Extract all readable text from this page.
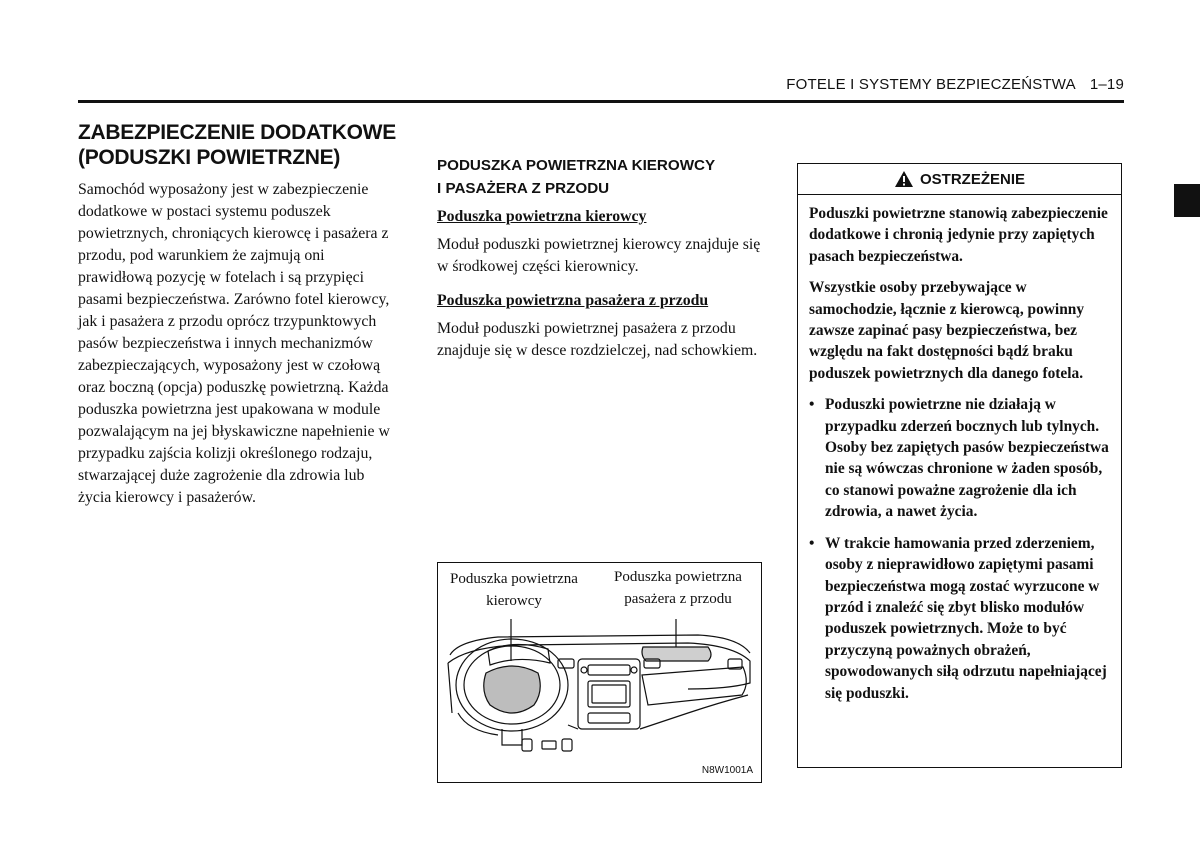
FOTELE I SYSTEMY BEZPIECZEŃSTWA 1–19
ZABEZPIECZENIE DODATKOWE
(PODUSZKI POWIETRZNE)

Samochód wyposażony jest w zabezpieczenie dodatkowe w postaci systemu poduszek powietrznych, chroniących kierowcę i pasażera z przodu, pod warunkiem że zajmują oni prawidłową pozycję w fotelach i są przypięci pasami bezpieczeństwa. Zarówno fotel kierowcy, jak i pasażera z przodu oprócz trzypunktowych pasów bezpieczeństwa i innych mechanizmów zabezpieczających, wyposażony jest w czołową oraz boczną (opcja) poduszkę powietrzną. Każda poduszka powietrzna jest upakowana w module pozwalającym na jej błyskawiczne napełnienie w przypadku zajścia kolizji określonego rodzaju, stwarzającej duże zagrożenie dla zdrowia lub życia kierowcy i pasażerów.

PODUSZKA POWIETRZNA KIEROWCY
I PASAŻERA Z PRZODU
Poduszka powietrzna kierowcy

Moduł poduszki powietrznej kierowcy znajduje się w środkowej części kierownicy.

Poduszka powietrzna pasażera z przodu

Moduł poduszki powietrznej pasażera z przodu znajduje się w desce rozdzielczej, nad schowkiem.

Poduszka powietrzna
kierowcy
Poduszka powietrzna
pasażera z przodu
N8W1001A
OSTRZEŻENIE

Poduszki powietrzne stanowią zabezpieczenie dodatkowe i chronią jedynie przy zapiętych pasach bezpieczeństwa.

Wszystkie osoby przebywające w samochodzie, łącznie z kierowcą, powinny zawsze zapinać pasy bezpieczeństwa, bez względu na fakt dostępności bądź braku poduszek powietrznych dla danego fotela.

• Poduszki powietrzne nie działają w przypadku zderzeń bocznych lub tylnych. Osoby bez zapiętych pasów bezpieczeństwa nie są wówczas chronione w żaden sposób, co stanowi poważne zagrożenie dla ich zdrowia, a nawet życia.
• W trakcie hamowania przed zderzeniem, osoby z nieprawidłowo zapiętymi pasami bezpieczeństwa mogą zostać wyrzucone w przód i znaleźć się zbyt blisko modułów poduszek powietrznych. Może to być przyczyną poważnych obrażeń, spowodowanych siłą odrzutu napełniającej się poduszki.
